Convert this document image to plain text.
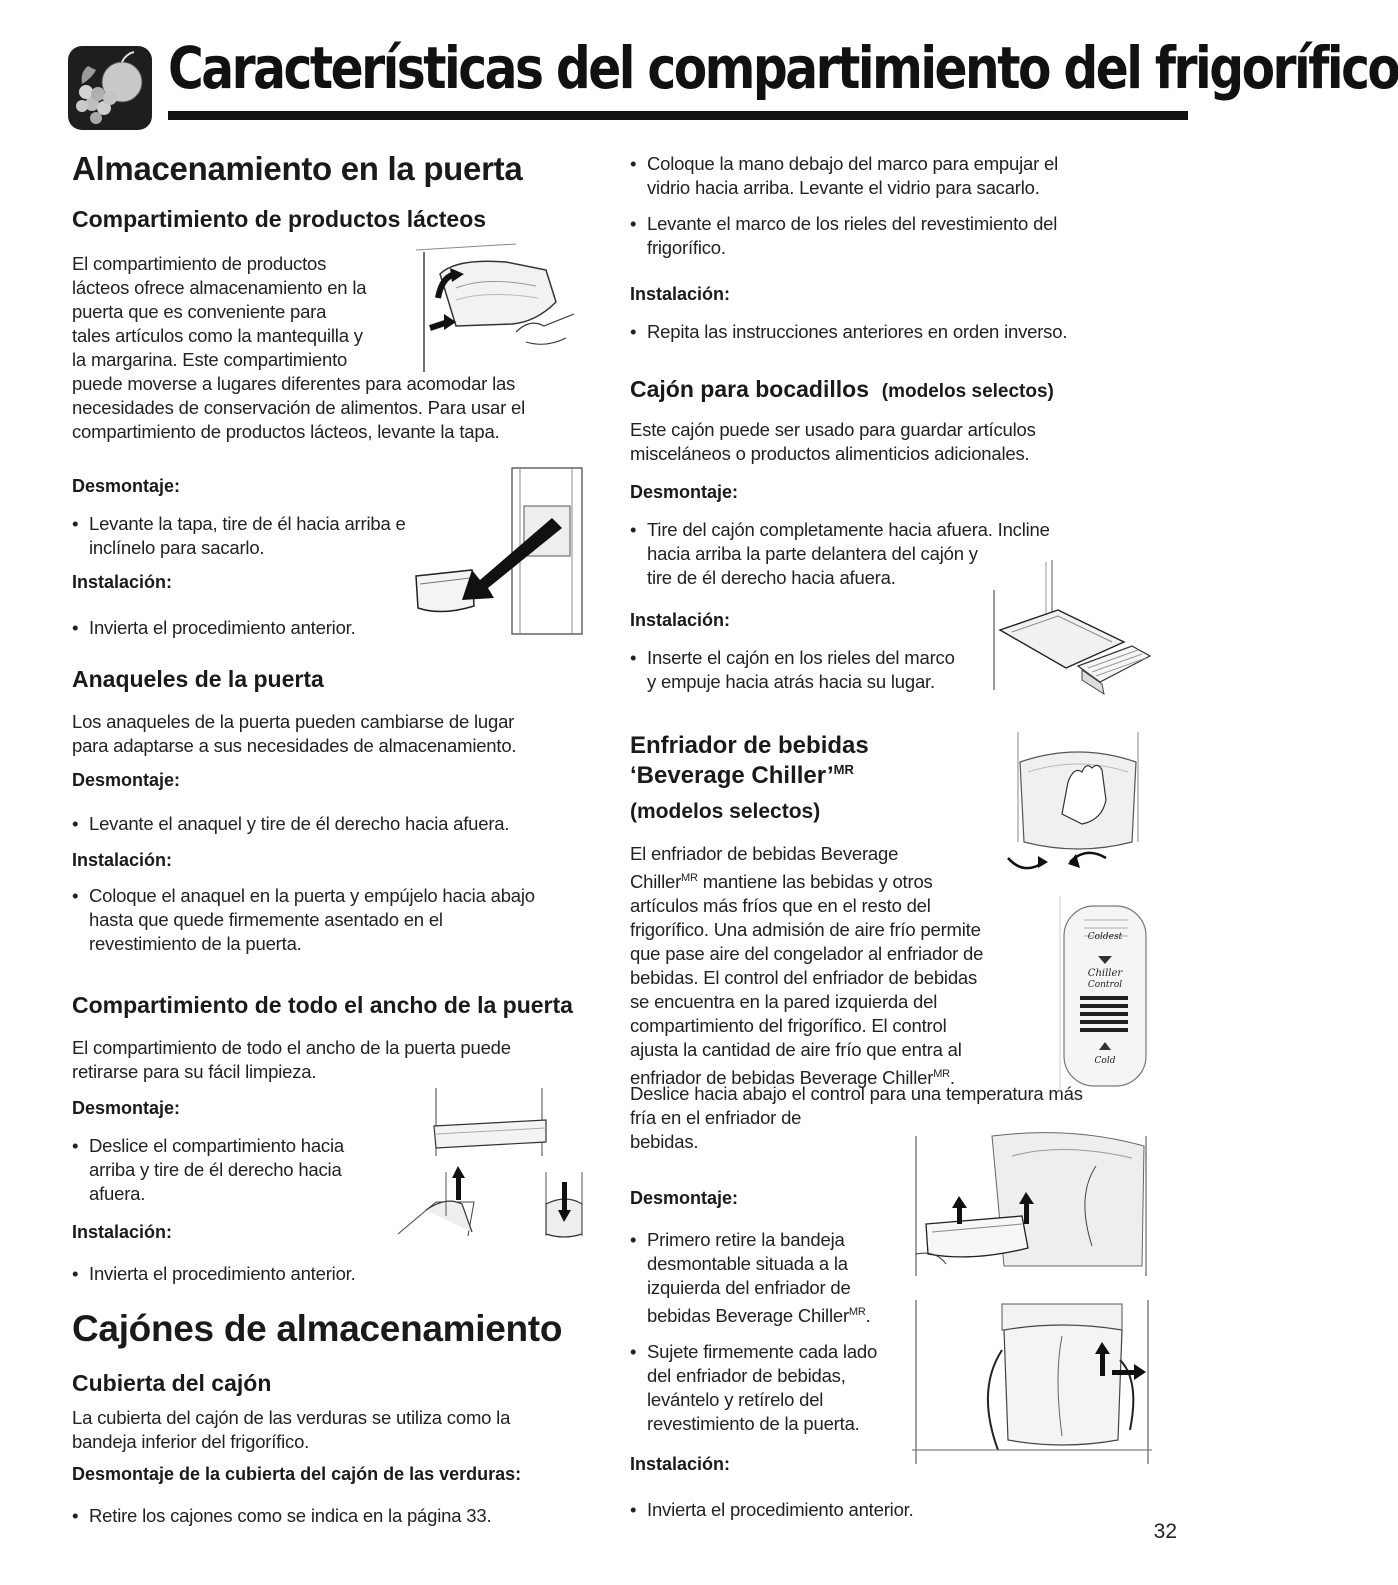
Características del compartimiento del frigorífico
Almacenamiento en la puerta
Compartimiento de productos lácteos

El compartimiento de productos

lácteos ofrece almacenamiento en la

puerta que es conveniente para

tales artículos como la mantequilla y

la margarina. Este compartimiento

puede moverse a lugares diferentes para acomodar las

necesidades de conservación de alimentos. Para usar el

compartimiento de productos lácteos, levante la tapa.

Desmontaje:

• Levante la tapa, tire de él hacia arriba e

inclínelo para sacarlo.

Instalación:

• Invierta el procedimiento anterior.

Anaqueles de la puerta

Los anaqueles de la puerta pueden cambiarse de lugar

para adaptarse a sus necesidades de almacenamiento.

Desmontaje:

• Levante el anaquel y tire de él derecho hacia afuera.

Instalación:

• Coloque el anaquel en la puerta y empújelo hacia abajo

hasta que quede firmemente asentado en el

revestimiento de la puerta.

Compartimiento de todo el ancho de la puerta

El compartimiento de todo el ancho de la puerta puede

retirarse para su fácil limpieza.

Desmontaje:

• Deslice el compartimiento hacia

arriba y tire de él derecho hacia

afuera.

Instalación:

• Invierta el procedimiento anterior.

Cajónes de almacenamiento
Cubierta del cajón

La cubierta del cajón de las verduras se utiliza como la

bandeja inferior del frigorífico.

Desmontaje de la cubierta del cajón de las verduras:

• Retire los cajones como se indica en la página 33.

• Coloque la mano debajo del marco para empujar el

vidrio hacia arriba. Levante el vidrio para sacarlo.

• Levante el marco de los rieles del revestimiento del

frigorífico.

Instalación:

• Repita las instrucciones anteriores en orden inverso.

Cajón para bocadillos (modelos selectos)

Este cajón puede ser usado para guardar artículos

misceláneos o productos alimenticios adicionales.

Desmontaje:

• Tire del cajón completamente hacia afuera. Incline

hacia arriba la parte delantera del cajón y

tire de él derecho hacia afuera.

Instalación:

• Inserte el cajón en los rieles del marco

y empuje hacia atrás hacia su lugar.

Enfriador de bebidas
‘Beverage Chiller’$^{MR}$
(modelos selectos)

El enfriador de bebidas Beverage

Chiller$^{MR}$ mantiene las bebidas y otros

artículos más fríos que en el resto del

frigorífico. Una admisión de aire frío permite

que pase aire del congelador al enfriador de

bebidas. El control del enfriador de bebidas

se encuentra en la pared izquierda del

compartimiento del frigorífico. El control

ajusta la cantidad de aire frío que entra al

enfriador de bebidas Beverage Chiller$^{MR}$.

Deslice hacia abajo el control para una temperatura más

fría en el enfriador de

bebidas.

Coldest
Chiller
Control
Cold
Desmontaje:

• Primero retire la bandeja

desmontable situada a la

izquierda del enfriador de

bebidas Beverage Chiller$^{MR}$.

• Sujete firmemente cada lado

del enfriador de bebidas,

levántelo y retírelo del

revestimiento de la puerta.

Instalación:

• Invierta el procedimiento anterior.

32
